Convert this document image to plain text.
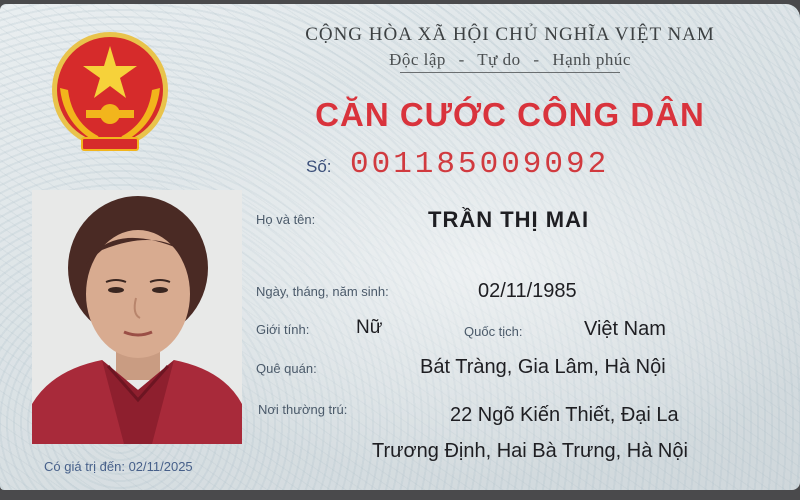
CỘNG HÒA XÃ HỘI CHỦ NGHĨA VIỆT NAM
Độc lập - Tự do - Hạnh phúc
CĂN CƯỚC CÔNG DÂN
Số: 001185009092
Họ và tên:	TRẦN THỊ MAI
Ngày, tháng, năm sinh:	02/11/1985
Giới tính: Nữ	Quốc tịch:	Việt Nam
Quê quán:	Bát Tràng, Gia Lâm, Hà Nội
Nơi thường trú:	22 Ngõ Kiến Thiết, Đại La
Trương Định, Hai Bà Trưng, Hà Nội
Có giá trị đến: 02/11/2025
